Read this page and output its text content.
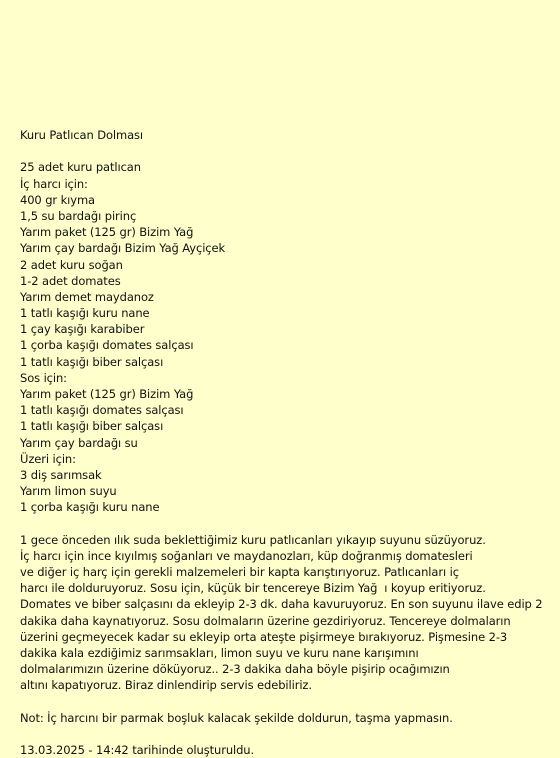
Kuru Patlıcan Dolması
25 adet kuru patlıcan
İç harcı için:
400 gr kıyma
1,5 su bardağı pirinç
Yarım paket (125 gr) Bizim Yağ
Yarım çay bardağı Bizim Yağ Ayçiçek
2 adet kuru soğan
1-2 adet domates
Yarım demet maydanoz
1 tatlı kaşığı kuru nane
1 çay kaşığı karabiber
1 çorba kaşığı domates salçası
1 tatlı kaşığı biber salçası
Sos için:
Yarım paket (125 gr) Bizim Yağ
1 tatlı kaşığı domates salçası
1 tatlı kaşığı biber salçası
Yarım çay bardağı su
Üzeri için:
3 diş sarımsak
Yarım limon suyu
1 çorba kaşığı kuru nane
1 gece önceden ılık suda beklettiğimiz kuru patlıcanları yıkayıp suyunu süzüyoruz.
İç harcı için ince kıyılmış soğanları ve maydanozları, küp doğranmış domatesleri
ve diğer iç harç için gerekli malzemeleri bir kapta karıştırıyoruz. Patlıcanları iç
harcı ile dolduruyoruz. Sosu için, küçük bir tencereye Bizim Yağı koyup eritiyoruz.
Domates ve biber salçasını da ekleyip 2-3 dk. daha kavuruyoruz. En son suyunu ilave edip 2
dakika daha kaynatıyoruz. Sosu dolmaların üzerine gezdiriyoruz. Tencereye dolmaların
üzerini geçmeyecek kadar su ekleyip orta ateşte pişirmeye bırakıyoruz. Pişmesine 2-3
dakika kala ezdiğimiz sarımsakları, limon suyu ve kuru nane karışımını
dolmalarımızın üzerine döküyoruz.. 2-3 dakika daha böyle pişirip ocağımızın
altını kapatıyoruz. Biraz dinlendirip servis edebiliriz.
Not: İç harcını bir parmak boşluk kalacak şekilde doldurun, taşma yapmasın.
13.03.2025 - 14:42 tarihinde oluşturuldu.
